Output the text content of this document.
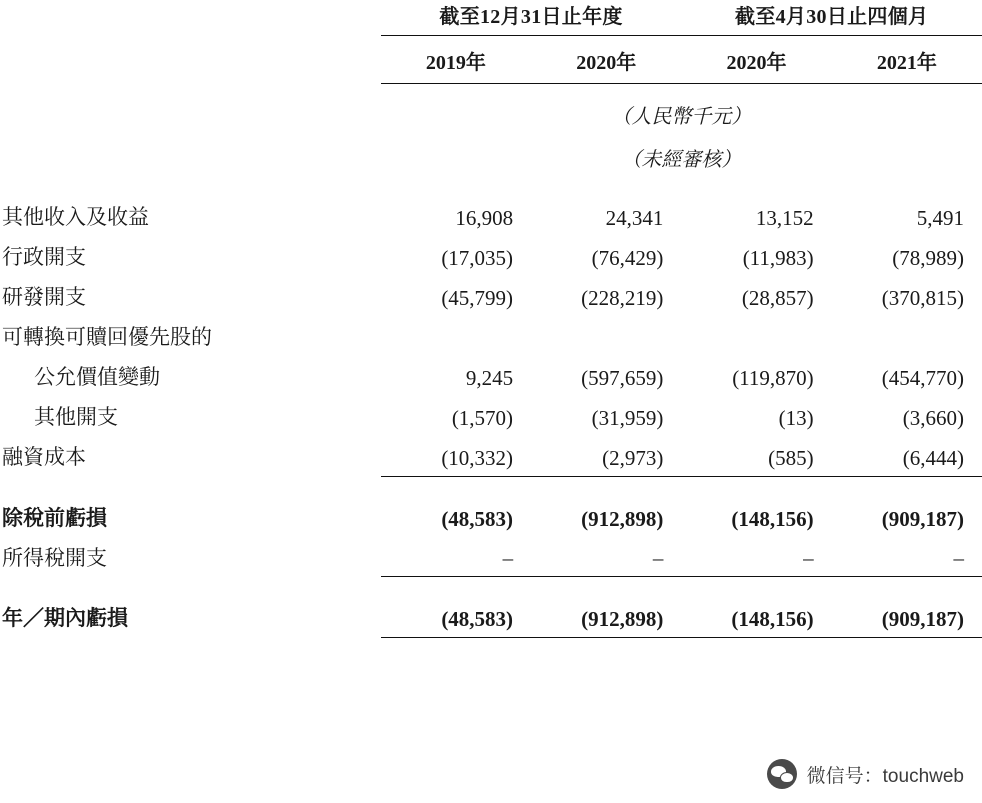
	截至12月31日止年度		截至4月30日止四個月	
	2019年	2020年	2020年	2021年
	（人民幣千元）			
	（未經審核）			

其他收入及收益	16,908	24,341	13,152	5,491
行政開支	(17,035)	(76,429)	(11,983)	(78,989)
研發開支	(45,799)	(228,219)	(28,857)	(370,815)
可轉換可贖回優先股的				
公允價值變動	9,245	(597,659)	(119,870)	(454,770)
其他開支	(1,570)	(31,959)	(13)	(3,660)
融資成本	(10,332)	(2,973)	(585)	(6,444)

除稅前虧損	(48,583)	(912,898)	(148,156)	(909,187)
所得稅開支	–	–	–	–

年／期內虧損	(48,583)	(912,898)	(148,156)	(909,187)
微信号：touchweb
